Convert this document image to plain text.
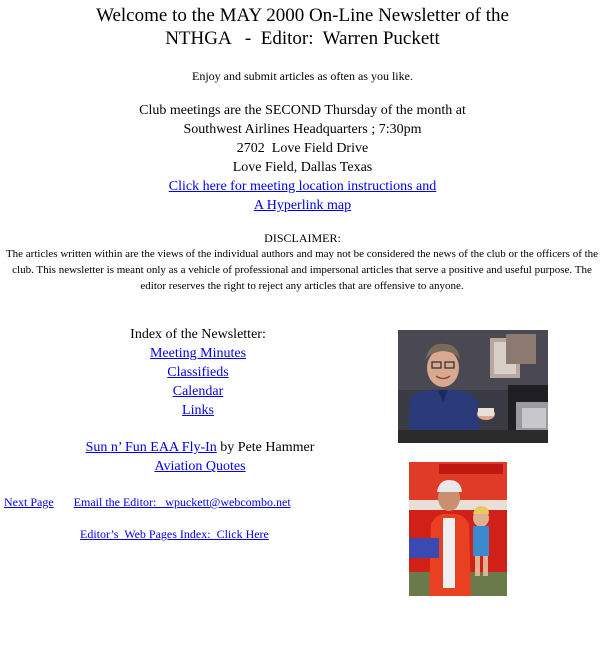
Welcome to the MAY 2000 On-Line Newsletter of the
NTHGA   -  Editor:  Warren Puckett
Enjoy and submit articles as often as you like.
Club meetings are the SECOND Thursday of the month at
Southwest Airlines Headquarters ; 7:30pm
2702  Love Field Drive
Love Field, Dallas Texas
Click here for meeting location instructions and
A Hyperlink map
DISCLAIMER:
The articles written within are the views of the individual authors and may not be considered the news of the club or the officers of the club. This newsletter is meant only as a vehicle of professional and impersonal articles that serve a positive and useful purpose. The editor reserves the right to reject any articles that are offensive to anyone.
Index of the Newsletter:
Meeting Minutes
Classifieds
Calendar
Links
Sun n’ Fun EAA Fly-In by Pete Hammer
Aviation Quotes
Next Page Email the Editor:   wpuckett@webcombo.net
Editor’s  Web Pages Index:  Click Here
